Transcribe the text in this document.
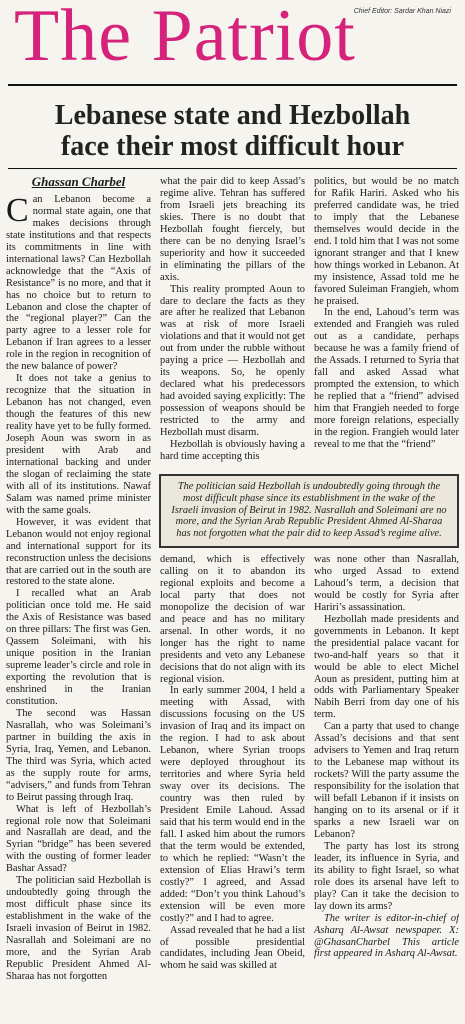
The Patriot
Chief Editor: Sardar Khan Niazi
Lebanese state and Hezbollah
face their most difficult hour
Ghassan Charbel

Can Lebanon become a normal state again, one that makes decisions through state institutions and that respects its commitments in line with international laws? Can Hezbollah acknowledge that the “Axis of Resistance” is no more, and that it has no choice but to return to Lebanon and close the chapter of the “regional player?” Can the party agree to a lesser role for Lebanon if Iran agrees to a lesser role in the region in recognition of the new balance of power?

It does not take a genius to recognize that the situation in Lebanon has not changed, even though the features of this new reality have yet to be fully formed. Joseph Aoun was sworn in as president with Arab and international backing and under the slogan of reclaiming the state with all of its institutions. Nawaf Salam was named prime minister with the same goals.

However, it was evident that Lebanon would not enjoy regional and international support for its reconstruction unless the decisions that are carried out in the south are restored to the state alone.

I recalled what an Arab politician once told me. He said the Axis of Resistance was based on three pillars: The first was Gen. Qassem Soleimani, with his unique position in the Iranian supreme leader’s circle and role in exporting the revolution that is enshrined in the Iranian constitution.

The second was Hassan Nasrallah, who was Soleimani’s partner in building the axis in Syria, Iraq, Yemen, and Lebanon. The third was Syria, which acted as the supply route for arms, “advisers,” and funds from Tehran to Beirut passing through Iraq.

What is left of Hezbollah’s regional role now that Soleimani and Nasrallah are dead, and the Syrian “bridge” has been severed with the ousting of former leader Bashar Assad?

The politician said Hezbollah is undoubtedly going through the most difficult phase since its establishment in the wake of the Israeli invasion of Beirut in 1982. Nasrallah and Soleimani are no more, and the Syrian Arab Republic President Ahmed Al-Sharaa has not forgotten

what the pair did to keep Assad’s regime alive. Tehran has suffered from Israeli jets breaching its skies. There is no doubt that Hezbollah fought fiercely, but there can be no denying Israel’s superiority and how it succeeded in eliminating the pillars of the axis.

This reality prompted Aoun to dare to declare the facts as they are after he realized that Lebanon was at risk of more Israeli violations and that it would not get out from under the rubble without paying a price — Hezbollah and its weapons. So, he openly declared what his predecessors had avoided saying explicitly: The possession of weapons should be restricted to the army and Hezbollah must disarm.

Hezbollah is obviously having a hard time accepting this

politics, but would be no match for Rafik Hariri. Asked who his preferred candidate was, he tried to imply that the Lebanese themselves would decide in the end. I told him that I was not some ignorant stranger and that I knew how things worked in Lebanon. At my insistence, Assad told me he favored Suleiman Frangieh, whom he praised.

In the end, Lahoud’s term was extended and Frangieh was ruled out as a candidate, perhaps because he was a family friend of the Assads. I returned to Syria that fall and asked Assad what prompted the extension, to which he replied that a “friend” advised him that Frangieh needed to forge more foreign relations, especially in the region. Frangieh would later reveal to me that the “friend”

The politician said Hezbollah is undoubtedly going through the most difficult phase since its establishment in the wake of the Israeli invasion of Beirut in 1982. Nasrallah and Soleimani are no more, and the Syrian Arab Republic President Ahmed Al-Sharaa has not forgotten what the pair did to keep Assad’s regime alive.

demand, which is effectively calling on it to abandon its regional exploits and become a local party that does not monopolize the decision of war and peace and has no military arsenal. In other words, it no longer has the right to name presidents and veto any Lebanese decisions that do not align with its regional vision.

In early summer 2004, I held a meeting with Assad, with discussions focusing on the US invasion of Iraq and its impact on the region. I had to ask about Lebanon, where Syrian troops were deployed throughout its territories and where Syria held sway over its decisions. The country was then ruled by President Emile Lahoud. Assad said that his term would end in the fall. I asked him about the rumors that the term would be extended, to which he replied: “Wasn’t the extension of Elias Hrawi’s term costly?” I agreed, and Assad added: “Don’t you think Lahoud’s extension will be even more costly?” and I had to agree.

Assad revealed that he had a list of possible presidential candidates, including Jean Obeid, whom he said was skilled at

was none other than Nasrallah, who urged Assad to extend Lahoud’s term, a decision that would be costly for Syria after Hariri’s assassination.

Hezbollah made presidents and governments in Lebanon. It kept the presidential palace vacant for two-and-half years so that it would be able to elect Michel Aoun as president, putting him at odds with Parliamentary Speaker Nabih Berri from day one of his term.

Can a party that used to change Assad’s decisions and that sent advisers to Yemen and Iraq return to the Lebanese map without its rockets? Will the party assume the responsibility for the isolation that will befall Lebanon if it insists on hanging on to its arsenal or if it sparks a new Israeli war on Lebanon?

The party has lost its strong leader, its influence in Syria, and its ability to fight Israel, so what role does its arsenal have left to play? Can it take the decision to lay down its arms?

The writer is editor-in-chief of Asharq Al-Awsat newspaper. X: @GhasanCharbel This article first appeared in Asharq Al-Awsat.
